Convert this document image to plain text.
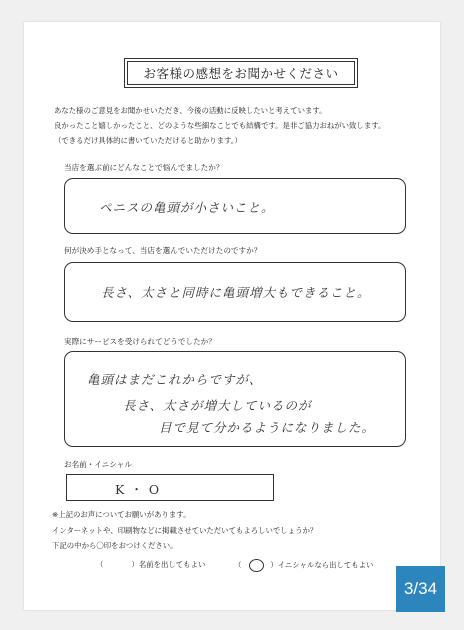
お客様の感想をお聞かせください
あなた様のご意見をお聞かせいただき、今後の活動に反映したいと考えています。
良かったこと嬉しかったこと、どのような些細なことでも結構です。是非ご協力おねがい致します。
（できるだけ具体的に書いていただけると助かります。）
当店を選ぶ前にどんなことで悩んでましたか？
ペニスの亀頭が小さいこと。
何が決め手となって、当店を選んでいただけたのですか？
長さ、太さと同時に亀頭増大もできること。
実際にサービスを受けられてどうでしたか？
亀頭はまだこれからですが、
長さ、太さが増大しているのが
目で見て分かるようになりました。
お名前・イニシャル
K・O
※上記のお声についてお願いがあります。
インターネットや、印刷物などに掲載させていただいてもよろしいでしょうか？
下記の中から〇印をおつけください。
（	）名前を出してもよい	（	）イニシャルなら出してもよい
3/34
